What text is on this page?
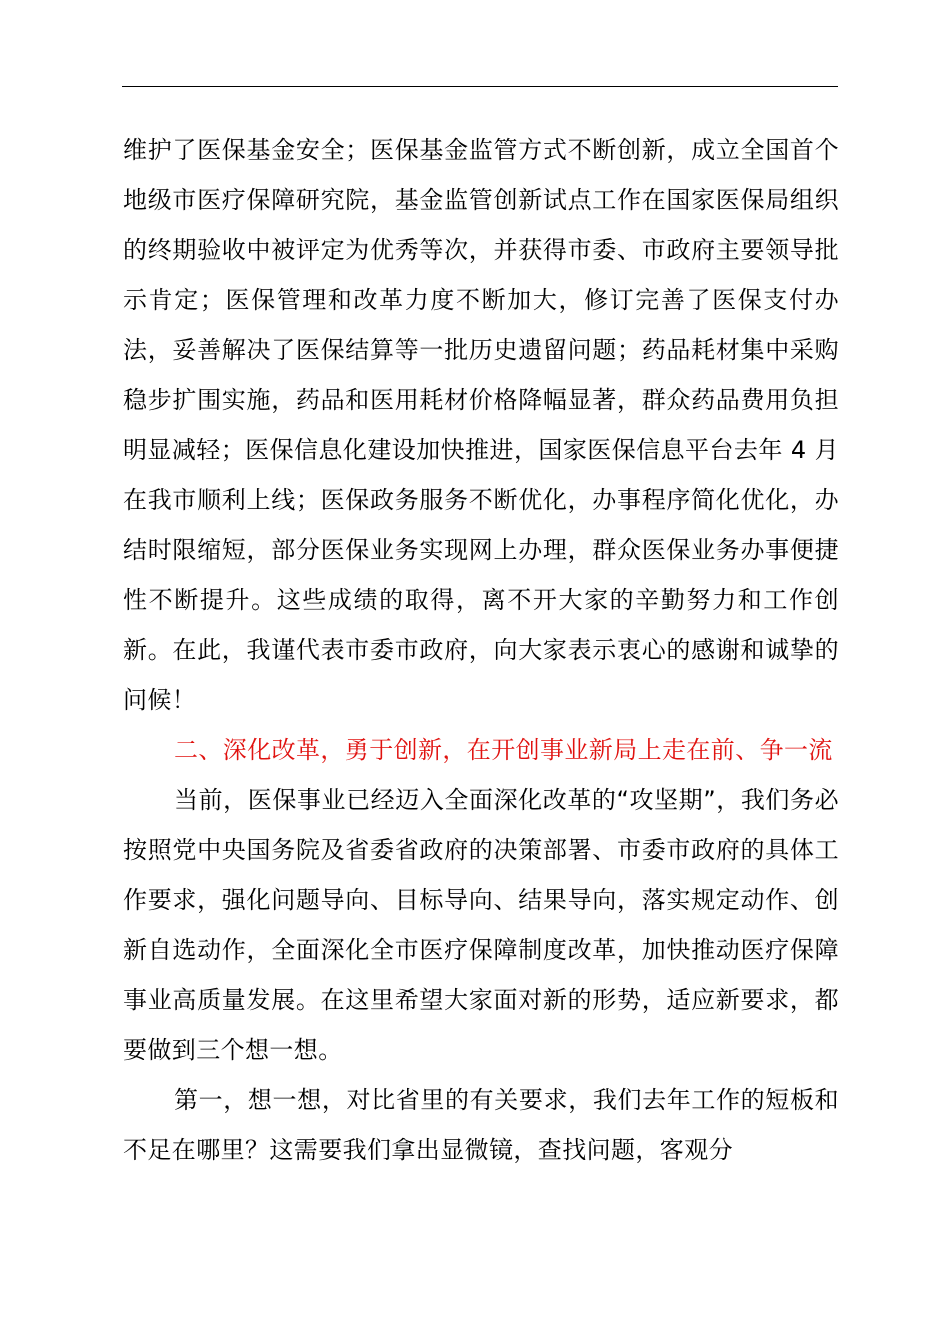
维护了医保基金安全；医保基金监管方式不断创新，成立全国首个地级市医疗保障研究院，基金监管创新试点工作在国家医保局组织的终期验收中被评定为优秀等次，并获得市委、市政府主要领导批示肯定；医保管理和改革力度不断加大，修订完善了医保支付办法，妥善解决了医保结算等一批历史遗留问题；药品耗材集中采购稳步扩围实施，药品和医用耗材价格降幅显著，群众药品费用负担明显减轻；医保信息化建设加快推进，国家医保信息平台去年 4 月在我市顺利上线；医保政务服务不断优化，办事程序简化优化，办结时限缩短，部分医保业务实现网上办理，群众医保业务办事便捷性不断提升。这些成绩的取得，离不开大家的辛勤努力和工作创新。在此，我谨代表市委市政府，向大家表示衷心的感谢和诚挚的问候！

二、深化改革，勇于创新，在开创事业新局上走在前、争一流

当前，医保事业已经迈入全面深化改革的“攻坚期”，我们务必按照党中央国务院及省委省政府的决策部署、市委市政府的具体工作要求，强化问题导向、目标导向、结果导向，落实规定动作、创新自选动作，全面深化全市医疗保障制度改革，加快推动医疗保障事业高质量发展。在这里希望大家面对新的形势，适应新要求，都要做到三个想一想。

第一，想一想，对比省里的有关要求，我们去年工作的短板和不足在哪里？这需要我们拿出显微镜，查找问题，客观分
